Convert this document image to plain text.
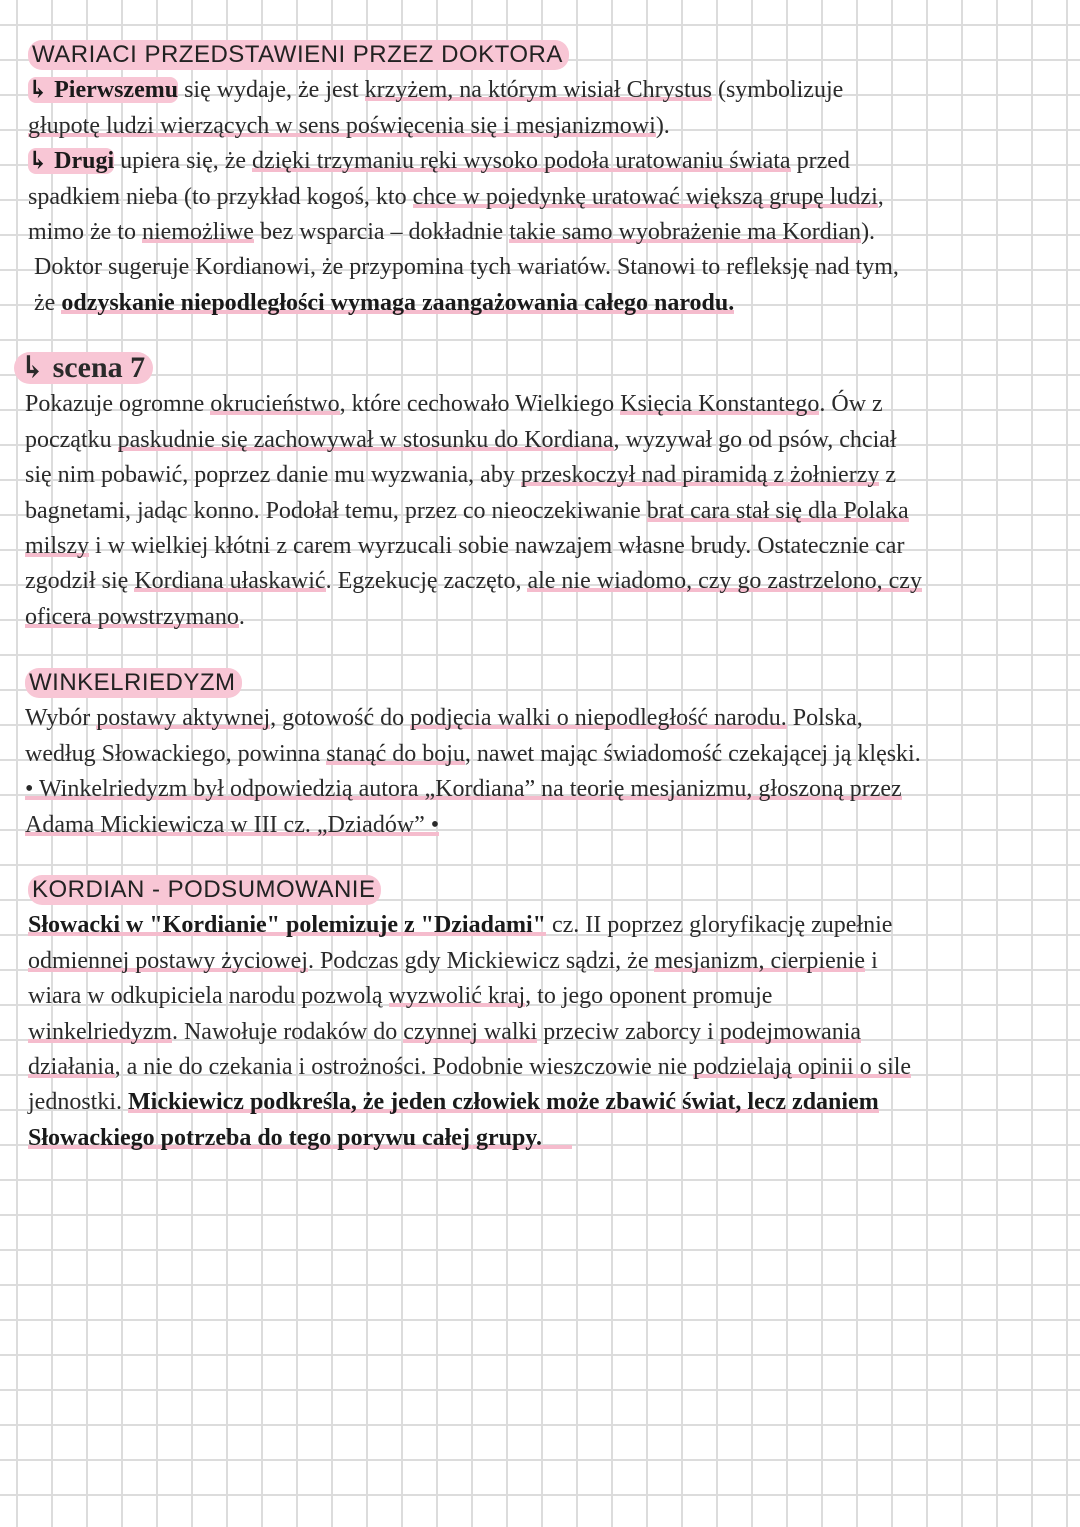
WARIACI PRZEDSTAWIENI PRZEZ DOKTORA
↳ Pierwszemu się wydaje, że jest krzyżem, na którym wisiał Chrystus (symbolizuje
głupotę ludzi wierzących w sens poświęcenia się i mesjanizmowi).
↳ Drugi upiera się, że dzięki trzymaniu ręki wysoko podoła uratowaniu świata przed
spadkiem nieba (to przykład kogoś, kto chce w pojedynkę uratować większą grupę ludzi,
mimo że to niemożliwe bez wsparcia – dokładnie takie samo wyobrażenie ma Kordian).
Doktor sugeruje Kordianowi, że przypomina tych wariatów. Stanowi to refleksję nad tym,
że odzyskanie niepodległości wymaga zaangażowania całego narodu.
↳ scena 7
Pokazuje ogromne okrucieństwo, które cechowało Wielkiego Księcia Konstantego. Ów z
początku paskudnie się zachowywał w stosunku do Kordiana, wyzywał go od psów, chciał
się nim pobawić, poprzez danie mu wyzwania, aby przeskoczył nad piramidą z żołnierzy z
bagnetami, jadąc konno. Podołał temu, przez co nieoczekiwanie brat cara stał się dla Polaka
milszy i w wielkiej kłótni z carem wyrzucali sobie nawzajem własne brudy. Ostatecznie car
zgodził się Kordiana ułaskawić. Egzekucję zaczęto, ale nie wiadomo, czy go zastrzelono, czy
oficera powstrzymano.
WINKELRIEDYZM
Wybór postawy aktywnej, gotowość do podjęcia walki o niepodległość narodu. Polska,
według Słowackiego, powinna stanąć do boju, nawet mając świadomość czekającej ją klęski.
• Winkelriedyzm był odpowiedzią autora „Kordiana” na teorię mesjanizmu, głoszoną przez
Adama Mickiewicza w III cz. „Dziadów” •
KORDIAN - PODSUMOWANIE
Słowacki w "Kordianie" polemizuje z "Dziadami" cz. II poprzez gloryfikację zupełnie
odmiennej postawy życiowej. Podczas gdy Mickiewicz sądzi, że mesjanizm, cierpienie i
wiara w odkupiciela narodu pozwolą wyzwolić kraj, to jego oponent promuje
winkelriedyzm. Nawołuje rodaków do czynnej walki przeciw zaborcy i podejmowania
działania, a nie do czekania i ostrożności. Podobnie wieszczowie nie podzielają opinii o sile
jednostki. Mickiewicz podkreśla, że jeden człowiek może zbawić świat, lecz zdaniem
Słowackiego potrzeba do tego porywu całej grupy.
